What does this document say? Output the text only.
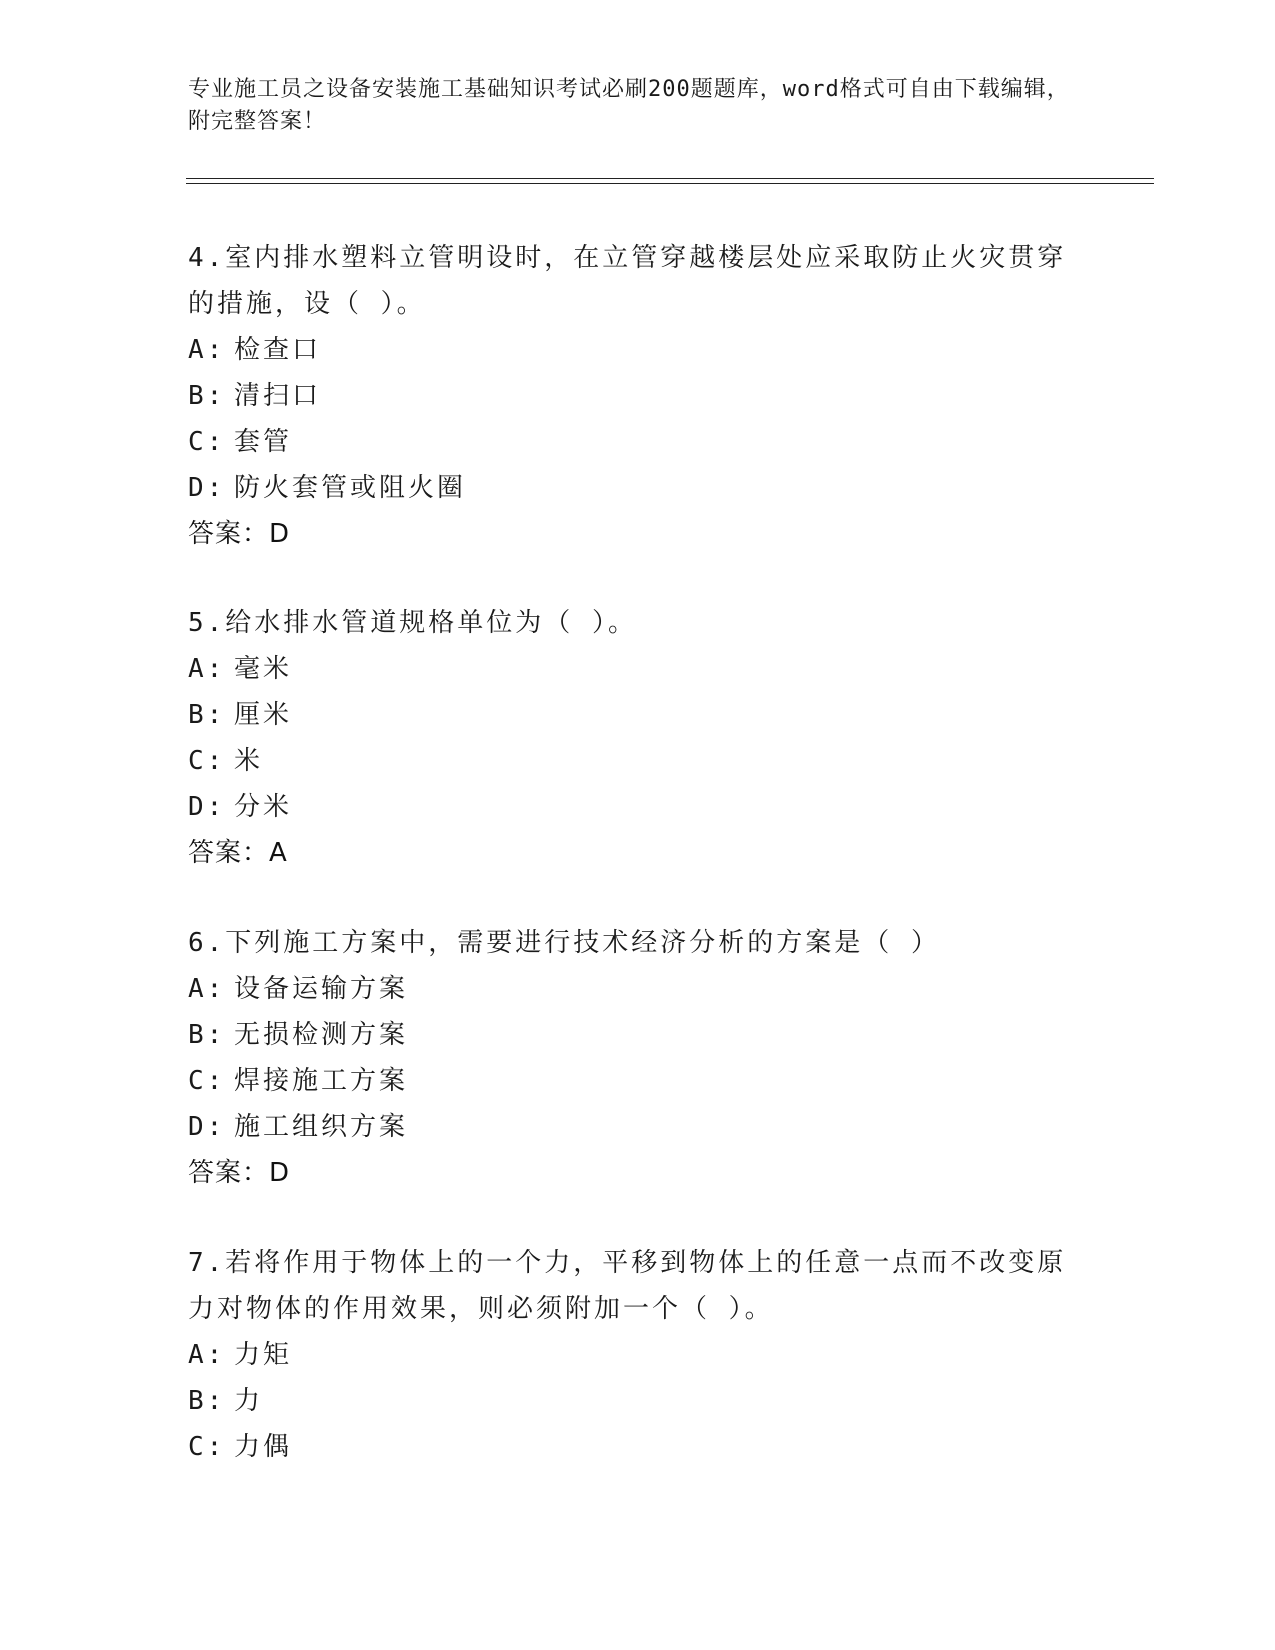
专业施工员之设备安装施工基础知识考试必刷200题题库，word格式可自由下载编辑，附完整答案！
4.室内排水塑料立管明设时，在立管穿越楼层处应采取防止火灾贯穿的措施，设（ ）。
A: 检查口
B: 清扫口
C: 套管
D: 防火套管或阻火圈
答案：D
5.给水排水管道规格单位为（ ）。
A: 毫米
B: 厘米
C: 米
D: 分米
答案：A
6.下列施工方案中，需要进行技术经济分析的方案是（ ）
A: 设备运输方案
B: 无损检测方案
C: 焊接施工方案
D: 施工组织方案
答案：D
7.若将作用于物体上的一个力，平移到物体上的任意一点而不改变原力对物体的作用效果，则必须附加一个（ ）。
A: 力矩
B: 力
C: 力偶
